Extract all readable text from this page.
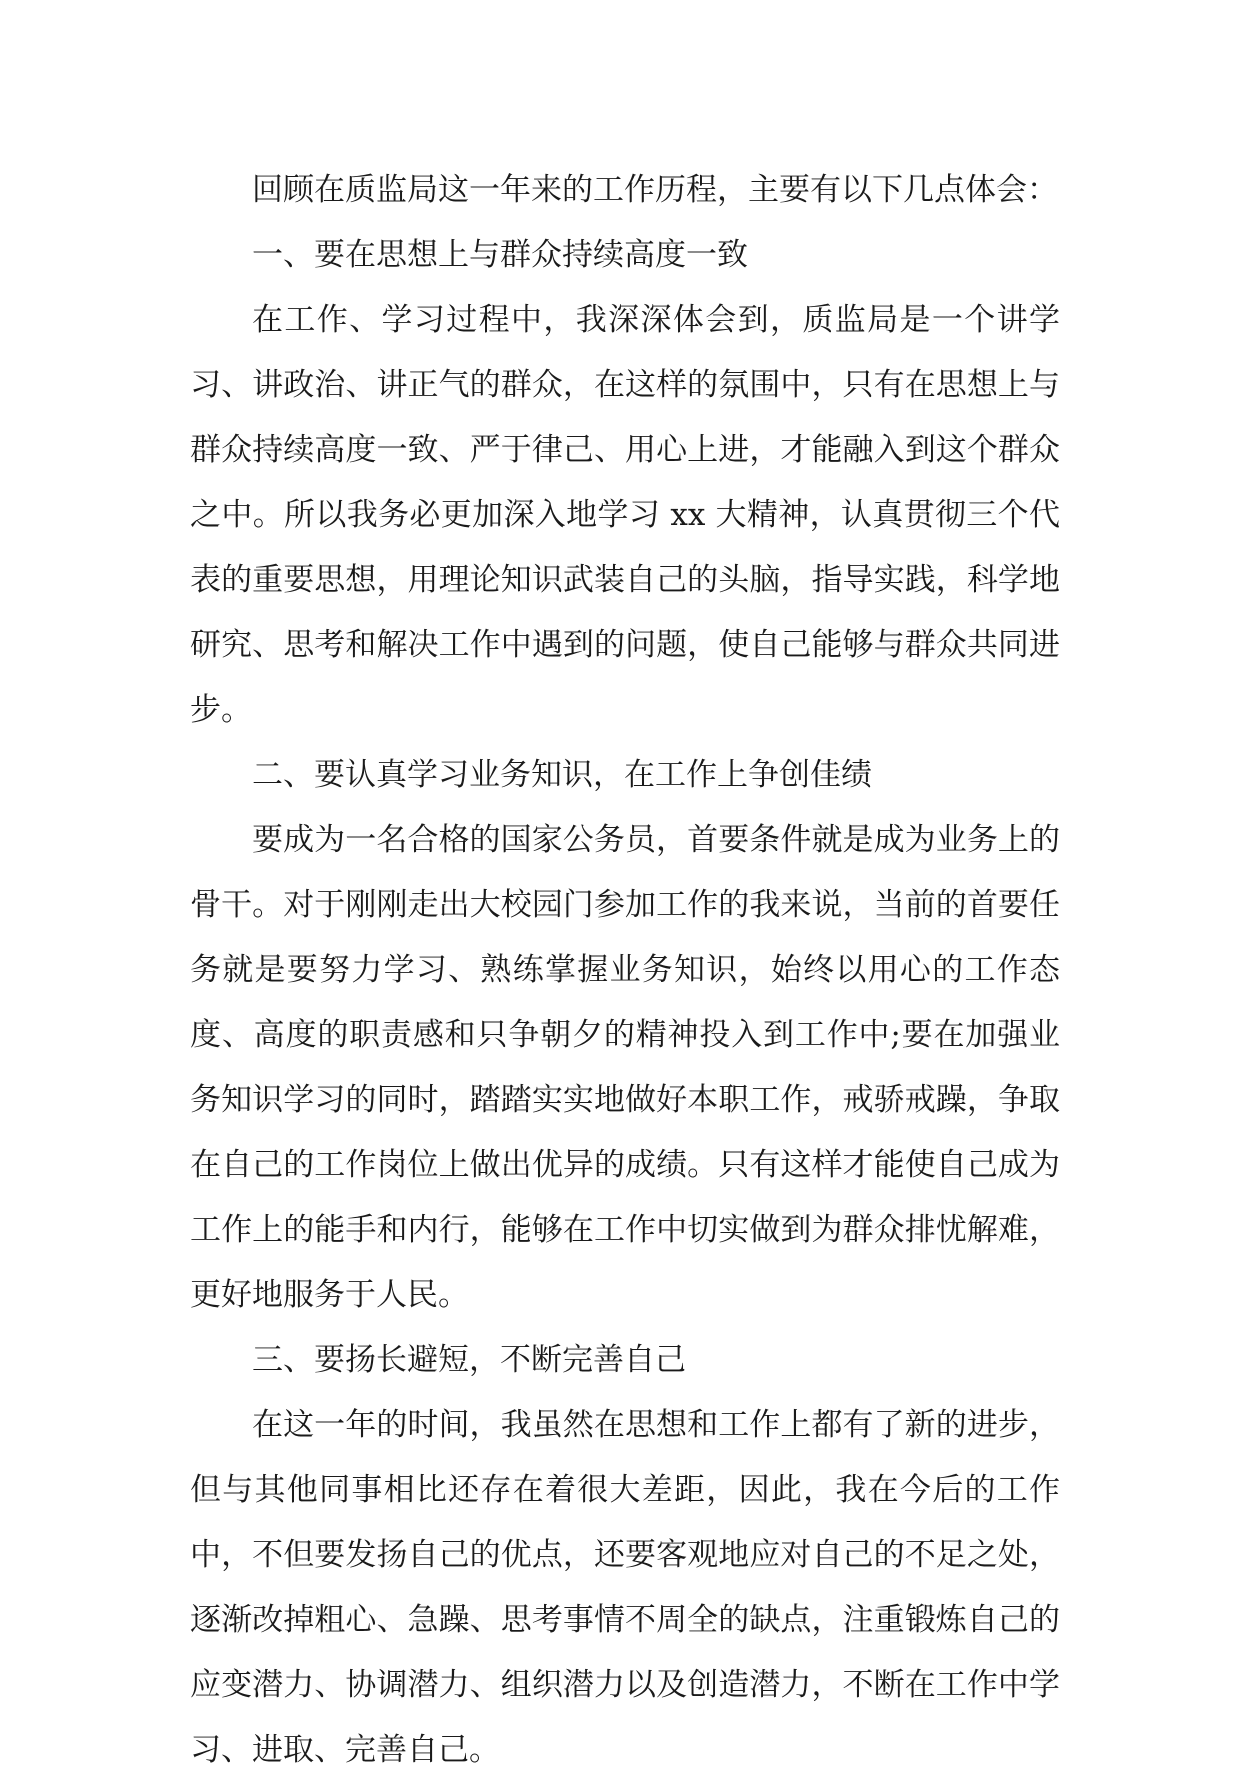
回顾在质监局这一年来的工作历程，主要有以下几点体会：

一、要在思想上与群众持续高度一致

在工作、学习过程中，我深深体会到，质监局是一个讲学习、讲政治、讲正气的群众，在这样的氛围中，只有在思想上与群众持续高度一致、严于律己、用心上进，才能融入到这个群众之中。所以我务必更加深入地学习 xx 大精神，认真贯彻三个代表的重要思想，用理论知识武装自己的头脑，指导实践，科学地研究、思考和解决工作中遇到的问题，使自己能够与群众共同进步。

二、要认真学习业务知识，在工作上争创佳绩

要成为一名合格的国家公务员，首要条件就是成为业务上的骨干。对于刚刚走出大校园门参加工作的我来说，当前的首要任务就是要努力学习、熟练掌握业务知识，始终以用心的工作态度、高度的职责感和只争朝夕的精神投入到工作中;要在加强业务知识学习的同时，踏踏实实地做好本职工作，戒骄戒躁，争取在自己的工作岗位上做出优异的成绩。只有这样才能使自己成为工作上的能手和内行，能够在工作中切实做到为群众排忧解难，更好地服务于人民。

三、要扬长避短，不断完善自己

在这一年的时间，我虽然在思想和工作上都有了新的进步，但与其他同事相比还存在着很大差距，因此，我在今后的工作中，不但要发扬自己的优点，还要客观地应对自己的不足之处，逐渐改掉粗心、急躁、思考事情不周全的缺点，注重锻炼自己的应变潜力、协调潜力、组织潜力以及创造潜力，不断在工作中学习、进取、完善自己。
